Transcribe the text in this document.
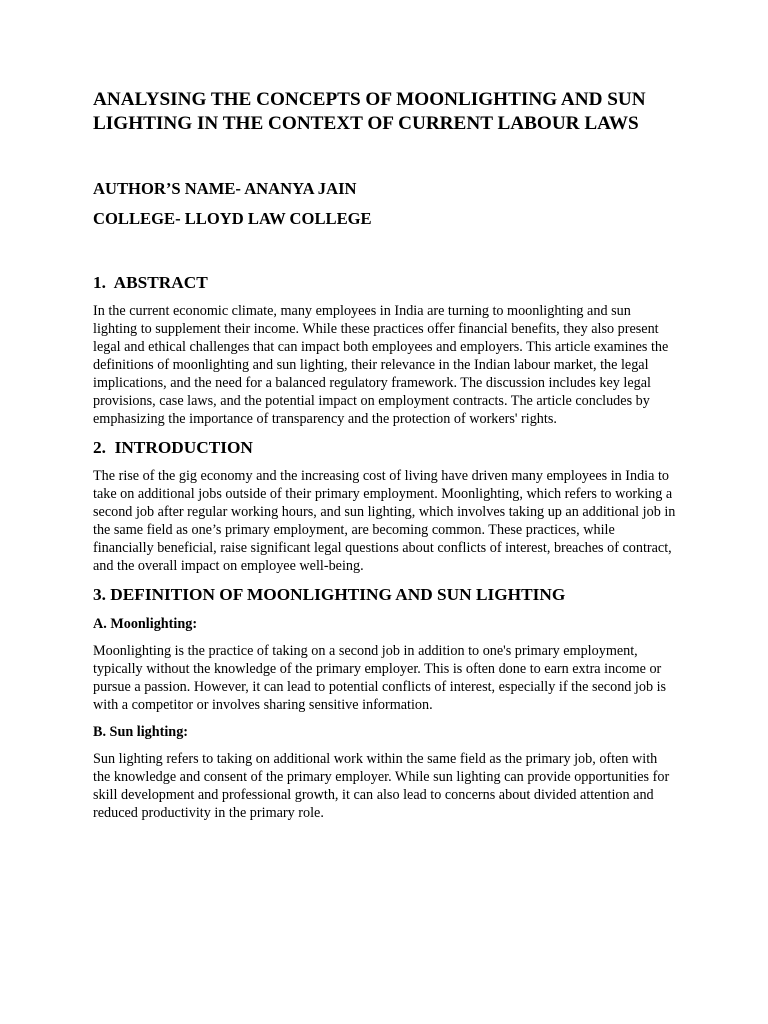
ANALYSING THE CONCEPTS OF MOONLIGHTING AND SUN LIGHTING IN THE CONTEXT OF CURRENT LABOUR LAWS

AUTHOR’S NAME- ANANYA JAIN

COLLEGE- LLOYD LAW COLLEGE

1.  ABSTRACT

In the current economic climate, many employees in India are turning to moonlighting and sun lighting to supplement their income. While these practices offer financial benefits, they also present legal and ethical challenges that can impact both employees and employers. This article examines the definitions of moonlighting and sun lighting, their relevance in the Indian labour market, the legal implications, and the need for a balanced regulatory framework. The discussion includes key legal provisions, case laws, and the potential impact on employment contracts. The article concludes by emphasizing the importance of transparency and the protection of workers' rights.

2.  INTRODUCTION

The rise of the gig economy and the increasing cost of living have driven many employees in India to take on additional jobs outside of their primary employment. Moonlighting, which refers to working a second job after regular working hours, and sun lighting, which involves taking up an additional job in the same field as one’s primary employment, are becoming common. These practices, while financially beneficial, raise significant legal questions about conflicts of interest, breaches of contract, and the overall impact on employee well-being.

3. DEFINITION OF MOONLIGHTING AND SUN LIGHTING
A. Moonlighting:

Moonlighting is the practice of taking on a second job in addition to one's primary employment, typically without the knowledge of the primary employer. This is often done to earn extra income or pursue a passion. However, it can lead to potential conflicts of interest, especially if the second job is with a competitor or involves sharing sensitive information.

B. Sun lighting:

Sun lighting refers to taking on additional work within the same field as the primary job, often with the knowledge and consent of the primary employer. While sun lighting can provide opportunities for skill development and professional growth, it can also lead to concerns about divided attention and reduced productivity in the primary role.
